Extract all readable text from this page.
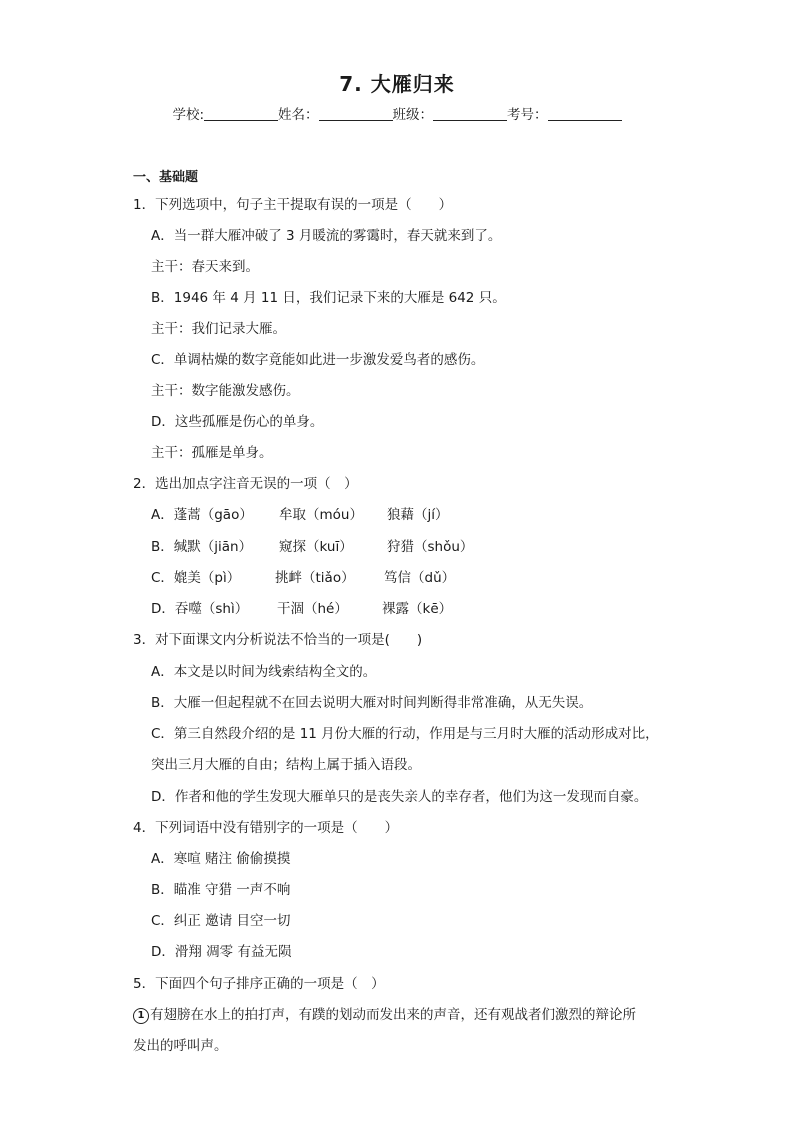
7. 大雁归来
学校:	姓名：	班级：	考号：
一、基础题
1．下列选项中，句子主干提取有误的一项是（　　）
A．当一群大雁冲破了 3 月暖流的雾霭时，春天就来到了。
主干：春天来到。
B．1946 年 4 月 11 日，我们记录下来的大雁是 642 只。
主干：我们记录大雁。
C．单调枯燥的数字竟能如此进一步激发爱鸟者的感伤。
主干：数字能激发感伤。
D．这些孤雁是伤心的单身。
主干：孤雁是单身。
2．选出加点字注音无误的一项（　）
A．蓬蒿（gāo） 牟取（móu） 狼藉（jí）
B．缄默（jiān） 窥探（kuī）	狩猎（shǒu）
C．媲美（pì）	挑衅（tiǎo） 笃信（dǔ）
D．吞噬（shì） 干涸（hé）	裸露（kē）
3．对下面课文内分析说法不恰当的一项是(　　)
A．本文是以时间为线索结构全文的。
B．大雁一但起程就不在回去说明大雁对时间判断得非常准确，从无失误。
C．第三自然段介绍的是 11 月份大雁的行动，作用是与三月时大雁的活动形成对比，
突出三月大雁的自由；结构上属于插入语段。
D．作者和他的学生发现大雁单只的是丧失亲人的幸存者，他们为这一发现而自豪。
4．下列词语中没有错别字的一项是（　　）
A．寒喧 赌注 偷偷摸摸
B．瞄准 守猎 一声不响
C．纠正 邀请 目空一切
D．滑翔 凋零 有益无陨
5．下面四个句子排序正确的一项是（　）
1 有翅膀在水上的拍打声，有蹼的划动而发出来的声音，还有观战者们激烈的辩论所
发出的呼叫声。
